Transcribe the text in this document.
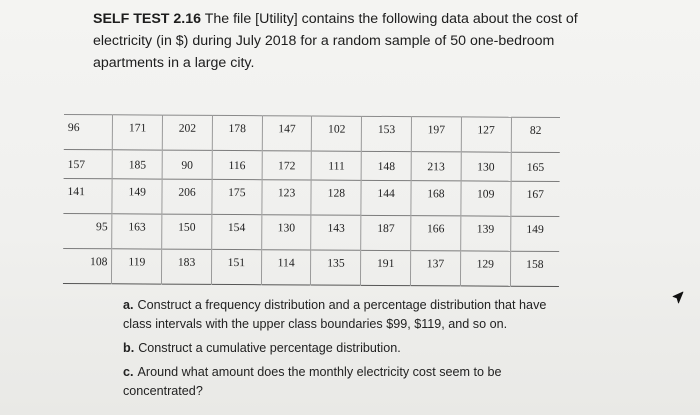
SELF TEST 2.16 The file [Utility] contains the following data about the cost of electricity (in $) during July 2018 for a random sample of 50 one-bedroom apartments in a large city.

96	171	202	178	147	102	153	197	127	82
157	185	90	116	172	111	148	213	130	165
141	149	206	175	123	128	144	168	109	167
95	163	150	154	130	143	187	166	139	149
108	119	183	151	114	135	191	137	129	158

a. Construct a frequency distribution and a percentage distribution that have class intervals with the upper class boundaries $99, $119, and so on.

b. Construct a cumulative percentage distribution.

c. Around what amount does the monthly electricity cost seem to be concentrated?
